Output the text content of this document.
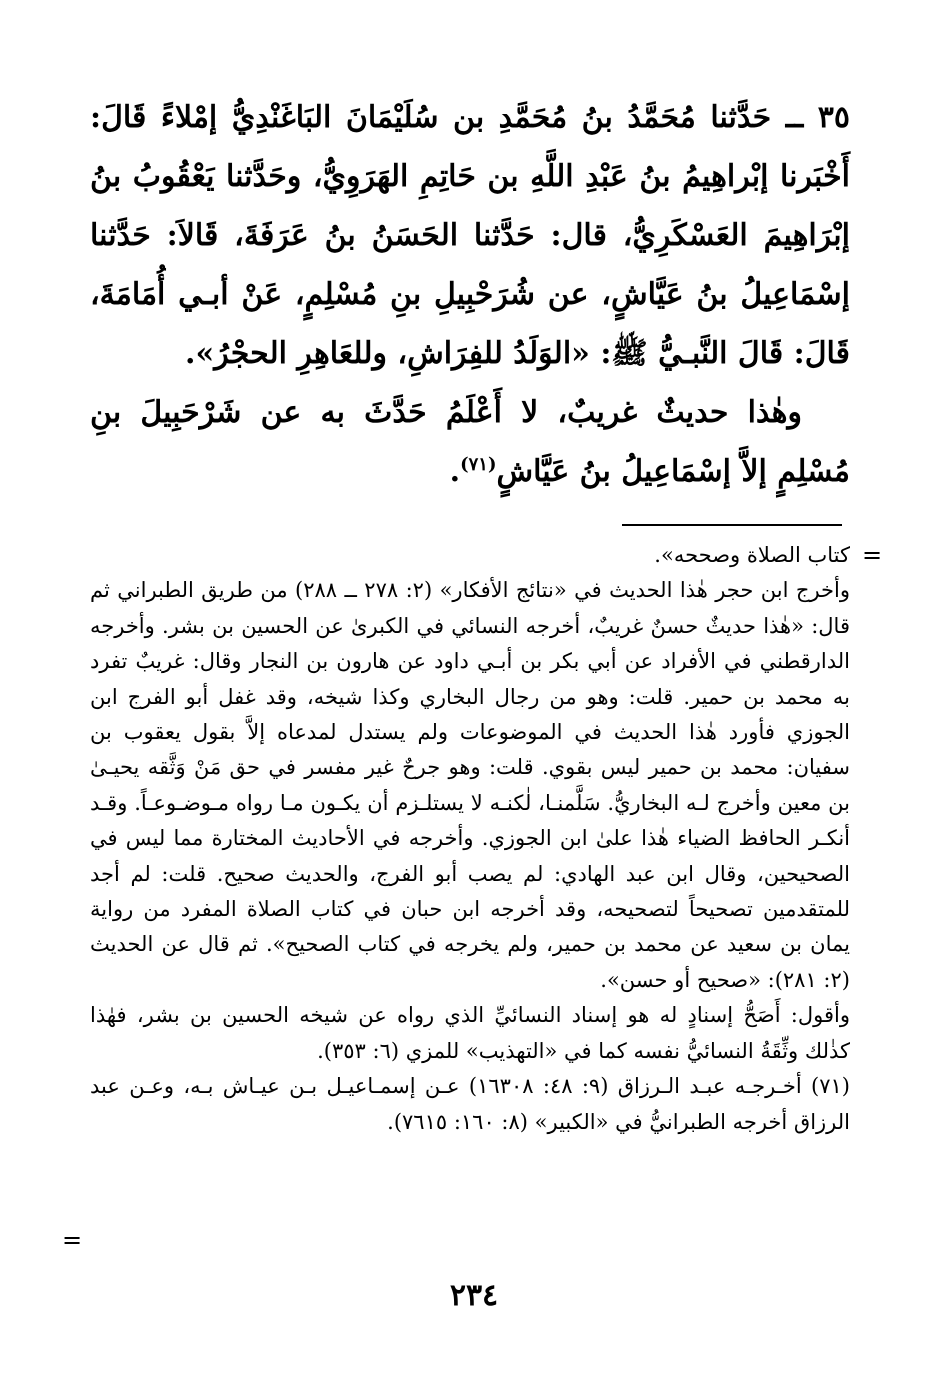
٣٥ ــ حَدَّثنا مُحَمَّدُ بنُ مُحَمَّدِ بن سُلَيْمَانَ البَاغَنْدِيُّ إمْلاءً قَالَ: أَخْبَرنا إبْراهِيمُ بنُ عَبْدِ اللَّهِ بن حَاتِمِ الهَرَوِيُّ، وحَدَّثنا يَعْقُوبُ بنُ إبْرَاهِيمَ العَسْكَرِيُّ، قال: حَدَّثنا الحَسَنُ بنُ عَرَفَةَ، قَالاَ: حَدَّثنا إسْمَاعِيلُ بنُ عَيَّاشٍ، عن شُرَحْبِيلِ بنِ مُسْلِمٍ، عَنْ أبـي أُمَامَةَ، قَالَ: قَالَ النَّبـيُّ ﷺ: «الوَلَدُ للفِرَاشِ، وللعَاهِرِ الحجْرُ».

وهٰذا حديثٌ غريبٌ، لا أَعْلَمُ حَدَّثَ به عن شَرْحَبِيلَ بنِ مُسْلِمٍ إلاَّ إسْمَاعِيلُ بنُ عَيَّاشٍ$^{(٧١)}$.

=

كتاب الصلاة وصححه».

وأخرج ابن حجر هٰذا الحديث في «نتائج الأفكار» (٢: ٢٧٨ ــ ٢٨٨) من طريق الطبراني ثم قال: «هٰذا حديثٌ حسنٌ غريبٌ، أخرجه النسائي في الكبرىٰ عن الحسين بن بشر. وأخرجه الدارقطني في الأفراد عن أبي بكر بن أبـي داود عن هارون بن النجار وقال: غريبٌ تفرد به محمد بن حمير. قلت: وهو من رجال البخاري وكذا شيخه، وقد غفل أبو الفرج ابن الجوزي فأورد هٰذا الحديث في الموضوعات ولم يستدل لمدعاه إلاَّ بقول يعقوب بن سفيان: محمد بن حمير ليس بقوي. قلت: وهو جرحٌ غير مفسر في حق مَنْ وَثَّقه يحيـىٰ بن معين وأخرج لـه البخاريُّ. سَلَّمنـا، لٰكنـه لا يستلـزم أن يكـون مـا رواه مـوضـوعـاً. وقـد أنكـر الحافظ الضياء هٰذا علىٰ ابن الجوزي. وأخرجه في الأحاديث المختارة مما ليس في الصحيحين، وقال ابن عبد الهادي: لم يصب أبو الفرج، والحديث صحيح. قلت: لم أجد للمتقدمين تصحيحاً لتصحيحه، وقد أخرجه ابن حبان في كتاب الصلاة المفرد من رواية يمان بن سعيد عن محمد بن حمير، ولم يخرجه في كتاب الصحيح». ثم قال عن الحديث (٢: ٢٨١): «صحيح أو حسن».

وأقول: أَصَحُّ إسنادٍ له هو إسناد النسائيِّ الذي رواه عن شيخه الحسين بن بشر، فهٰذا كذٰلك وثِّقَةُ النسائيُّ نفسه كما في «التهذيب» للمزي (٦: ٣٥٣).

(٧١) أخـرجـه عبـد الـرزاق (٩: ٤٨: ١٦٣٠٨) عـن إسمـاعيـل بـن عيـاش بـه، وعـن عبد الرزاق أخرجه الطبرانيُّ في «الكبير» (٨: ١٦٠: ٧٦١٥).

=
٢٣٤
